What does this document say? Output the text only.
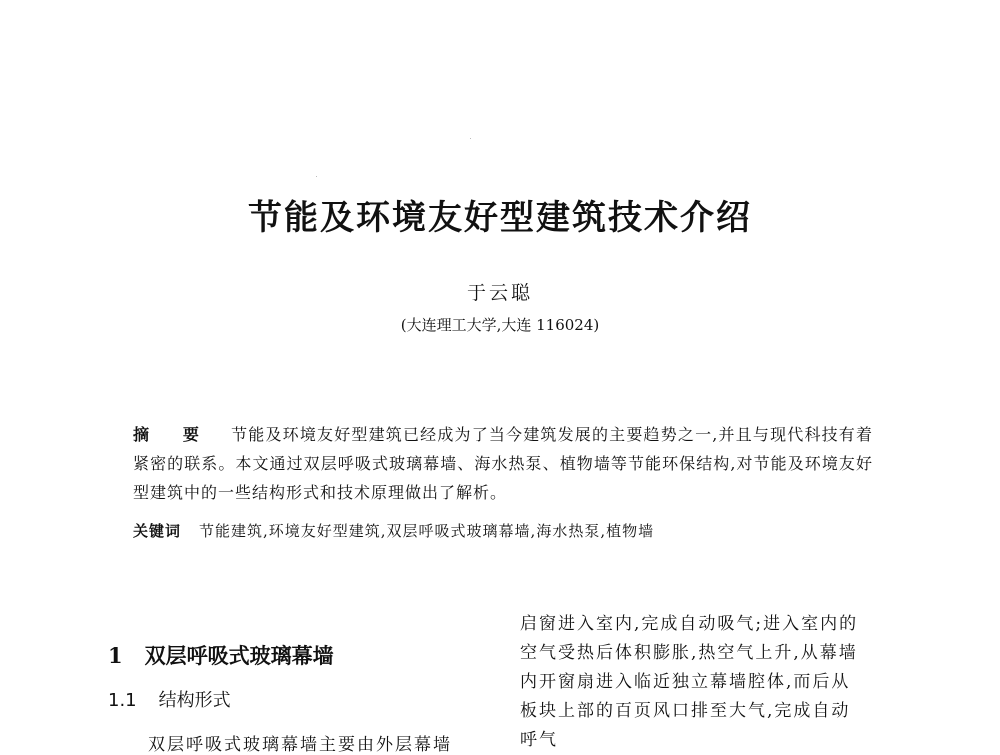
节能及环境友好型建筑技术介绍
于云聪
(大连理工大学,大连 116024)
摘 要 节能及环境友好型建筑已经成为了当今建筑发展的主要趋势之一,并且与现代科技有着紧密的联系。本文通过双层呼吸式玻璃幕墙、海水热泵、植物墙等节能环保结构,对节能及环境友好型建筑中的一些结构形式和技术原理做出了解析。
关键词 节能建筑,环境友好型建筑,双层呼吸式玻璃幕墙,海水热泵,植物墙
1 双层呼吸式玻璃幕墙
1.1 结构形式
双层呼吸式玻璃幕墙主要由外层幕墙
启窗进入室内,完成自动吸气;进入室内的
空气受热后体积膨胀,热空气上升,从幕墙
内开窗扇进入临近独立幕墙腔体,而后从
板块上部的百页风口排至大气,完成自动
呼气
